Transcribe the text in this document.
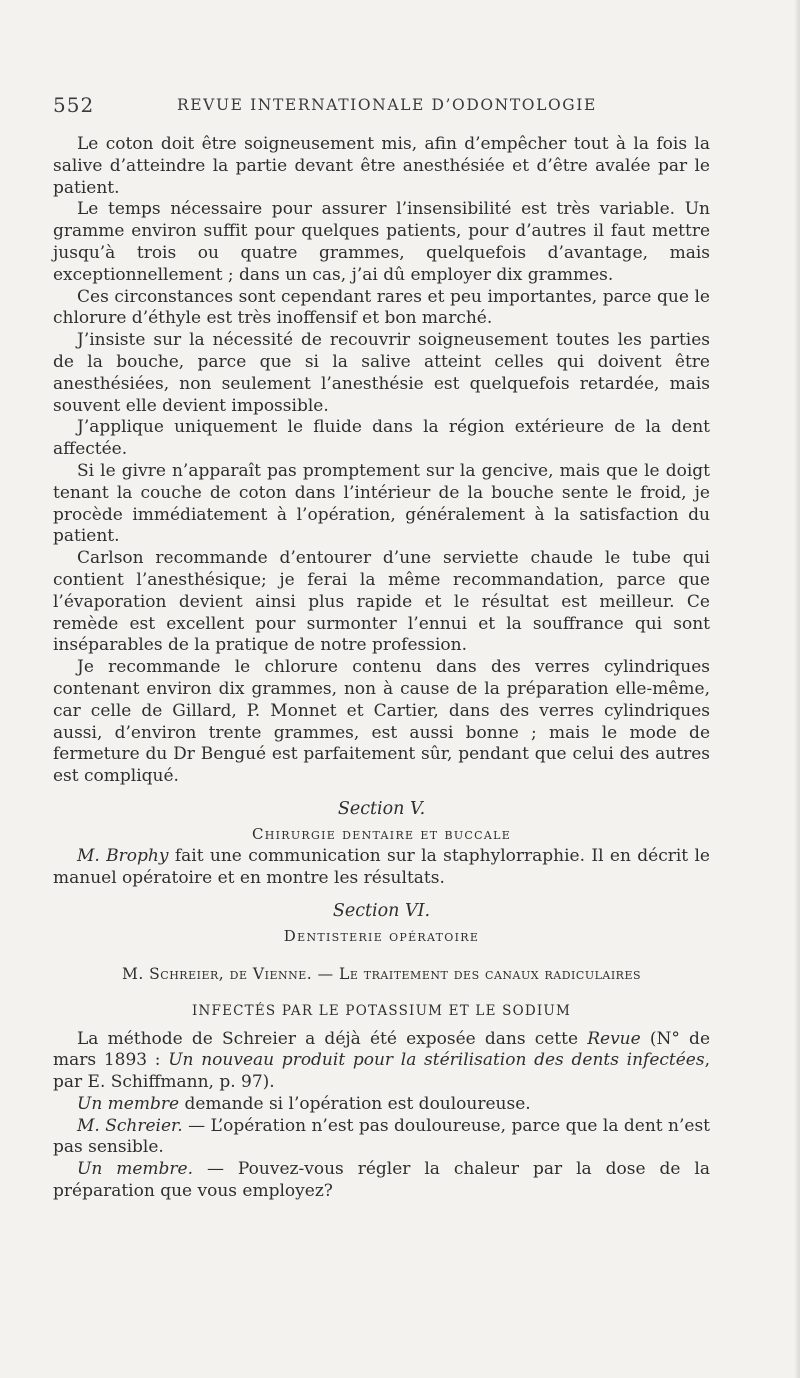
552	REVUE INTERNATIONALE D’ODONTOLOGIE

Le coton doit être soigneusement mis, afin d’empêcher tout à la fois la salive d’atteindre la partie devant être anesthésiée et d’être avalée par le patient.

Le temps nécessaire pour assurer l’insensibilité est très variable. Un gramme environ suffit pour quelques patients, pour d’autres il faut mettre jusqu’à trois ou quatre grammes, quelquefois d’avantage, mais exceptionnellement ; dans un cas, j’ai dû employer dix grammes.

Ces circonstances sont cependant rares et peu importantes, parce que le chlorure d’éthyle est très inoffensif et bon marché.

J’insiste sur la nécessité de recouvrir soigneusement toutes les parties de la bouche, parce que si la salive atteint celles qui doivent être anesthésiées, non seulement l’anesthésie est quelquefois retardée, mais souvent elle devient impossible.

J’applique uniquement le fluide dans la région extérieure de la dent affectée.

Si le givre n’apparaît pas promptement sur la gencive, mais que le doigt tenant la couche de coton dans l’intérieur de la bouche sente le froid, je procède immédiatement à l’opération, généralement à la satisfaction du patient.

Carlson recommande d’entourer d’une serviette chaude le tube qui contient l’anesthésique; je ferai la même recommandation, parce que l’évaporation devient ainsi plus rapide et le résultat est meilleur. Ce remède est excellent pour surmonter l’ennui et la souffrance qui sont inséparables de la pratique de notre profession.

Je recommande le chlorure contenu dans des verres cylindriques contenant environ dix grammes, non à cause de la préparation elle-même, car celle de Gillard, P. Monnet et Cartier, dans des verres cylindriques aussi, d’environ trente grammes, est aussi bonne ; mais le mode de fermeture du Dr Bengué est parfaitement sûr, pendant que celui des autres est compliqué.

Section V.

Chirurgie dentaire et buccale

M. Brophy fait une communication sur la staphylorraphie. Il en décrit le manuel opératoire et en montre les résultats.

Section VI.

Dentisterie opératoire

M. Schreier, de Vienne. — Le traitement des canaux radiculaires

INFECTÉS PAR LE POTASSIUM ET LE SODIUM

La méthode de Schreier a déjà été exposée dans cette Revue (N° de mars 1893 : Un nouveau produit pour la stérilisation des dents infectées, par E. Schiffmann, p. 97).

Un membre demande si l’opération est douloureuse.

M. Schreier. — L’opération n’est pas douloureuse, parce que la dent n’est pas sensible.

Un membre. — Pouvez-vous régler la chaleur par la dose de la préparation que vous employez?
